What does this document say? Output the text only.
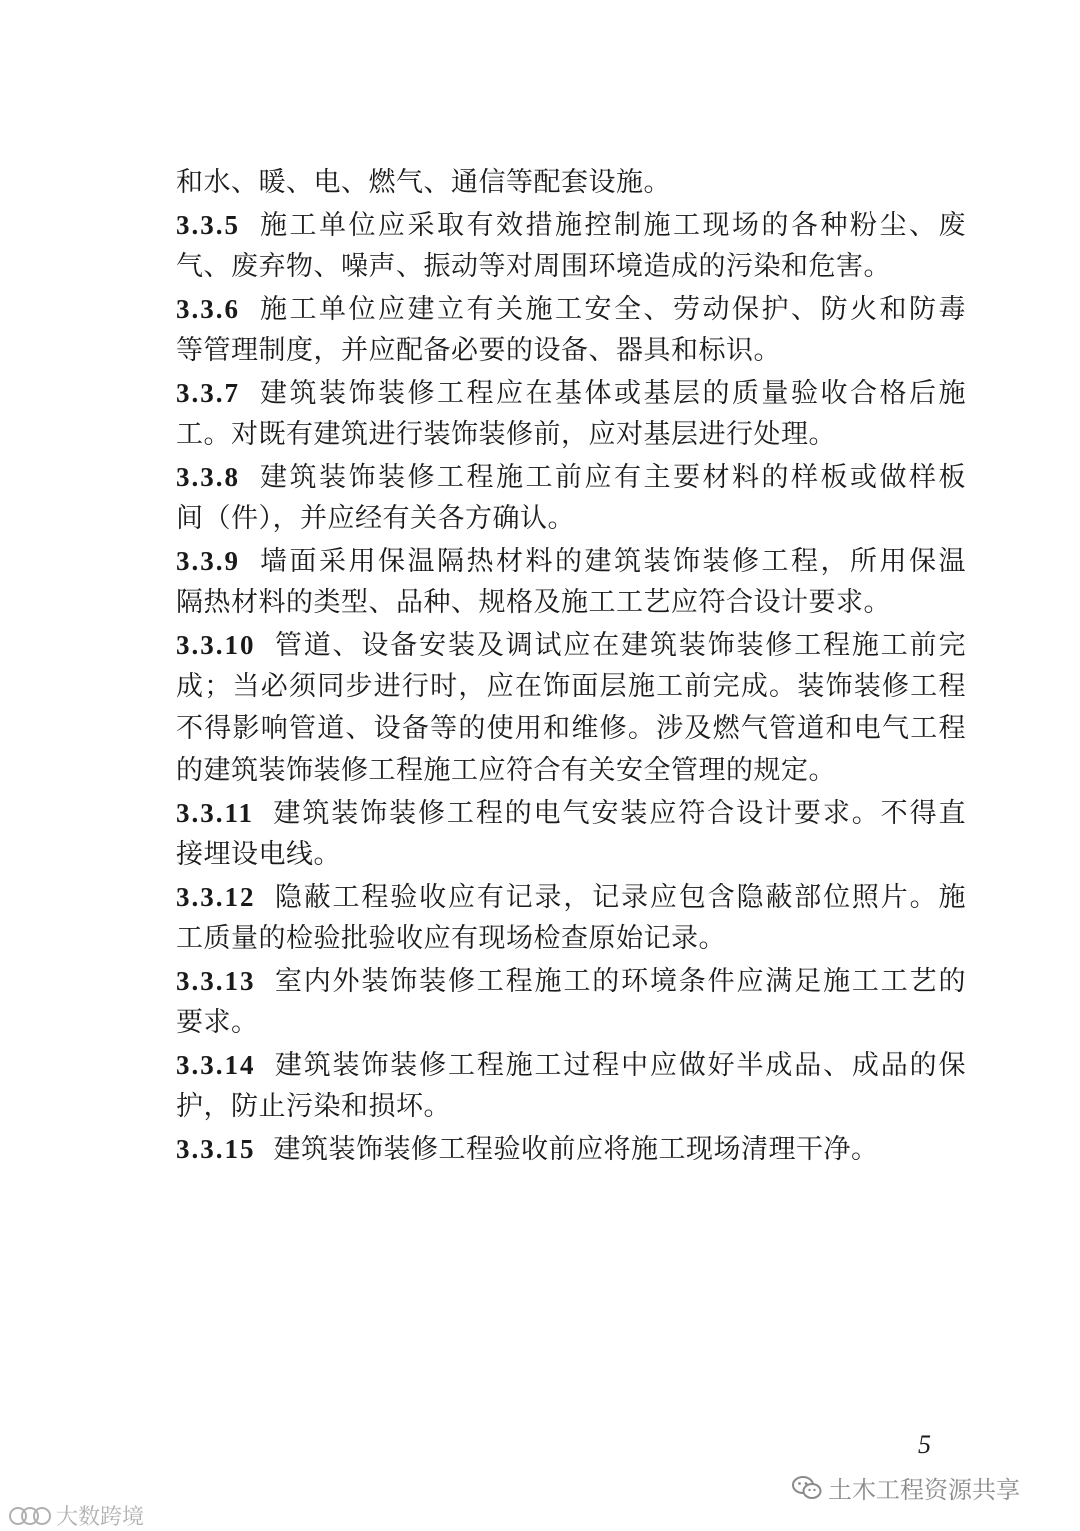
和水、暖、电、燃气、通信等配套设施。
3.3.5 施工单位应采取有效措施控制施工现场的各种粉尘、废
气、废弃物、噪声、振动等对周围环境造成的污染和危害。
3.3.6 施工单位应建立有关施工安全、劳动保护、防火和防毒
等管理制度，并应配备必要的设备、器具和标识。
3.3.7 建筑装饰装修工程应在基体或基层的质量验收合格后施
工。对既有建筑进行装饰装修前，应对基层进行处理。
3.3.8 建筑装饰装修工程施工前应有主要材料的样板或做样板
间（件），并应经有关各方确认。
3.3.9 墙面采用保温隔热材料的建筑装饰装修工程，所用保温
隔热材料的类型、品种、规格及施工工艺应符合设计要求。
3.3.10 管道、设备安装及调试应在建筑装饰装修工程施工前完
成；当必须同步进行时，应在饰面层施工前完成。装饰装修工程
不得影响管道、设备等的使用和维修。涉及燃气管道和电气工程
的建筑装饰装修工程施工应符合有关安全管理的规定。
3.3.11 建筑装饰装修工程的电气安装应符合设计要求。不得直
接埋设电线。
3.3.12 隐蔽工程验收应有记录，记录应包含隐蔽部位照片。施
工质量的检验批验收应有现场检查原始记录。
3.3.13 室内外装饰装修工程施工的环境条件应满足施工工艺的
要求。
3.3.14 建筑装饰装修工程施工过程中应做好半成品、成品的保
护，防止污染和损坏。
3.3.15 建筑装饰装修工程验收前应将施工现场清理干净。
5
土木工程资源共享
大数跨境
